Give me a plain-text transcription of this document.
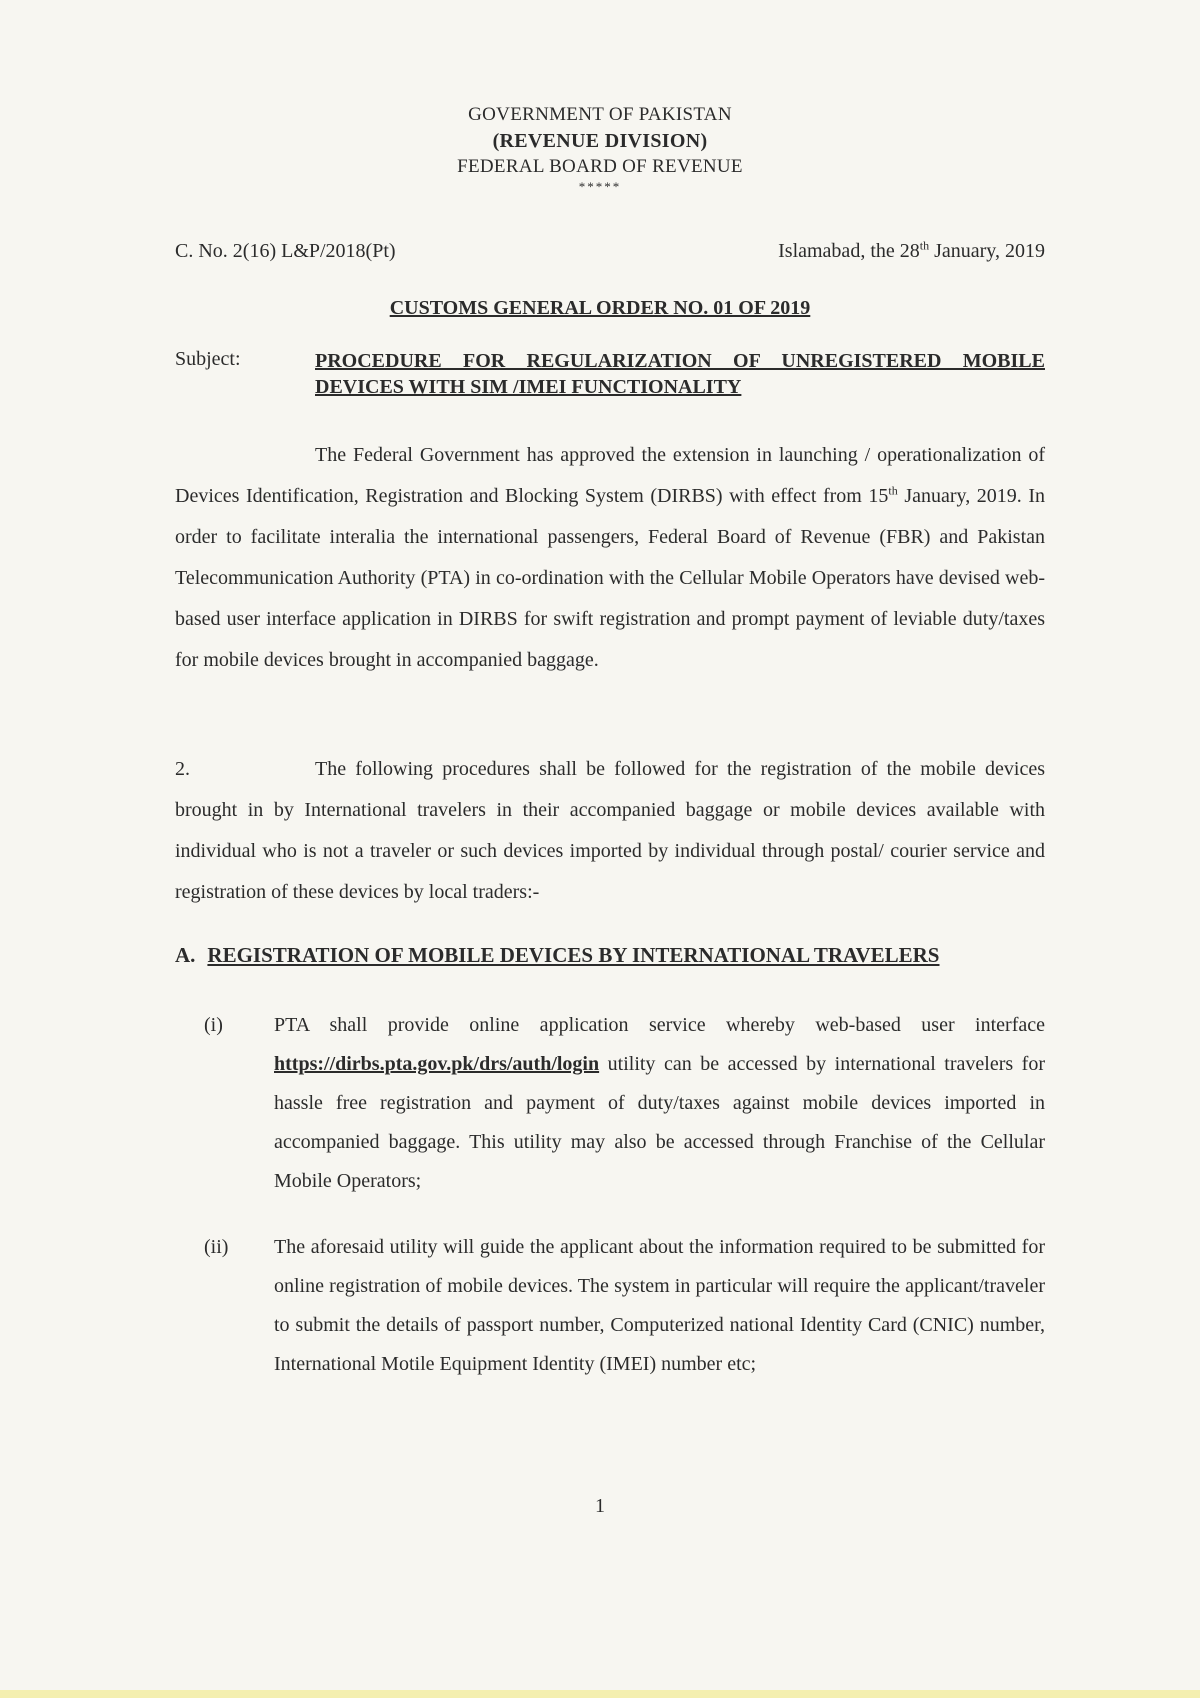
GOVERNMENT OF PAKISTAN
(REVENUE DIVISION)
FEDERAL BOARD OF REVENUE
*****
C. No. 2(16) L&P/2018(Pt)	Islamabad, the 28th January, 2019
CUSTOMS GENERAL ORDER NO. 01 OF 2019
Subject:	PROCEDURE FOR REGULARIZATION OF UNREGISTERED MOBILE DEVICES WITH SIM /IMEI FUNCTIONALITY
The Federal Government has approved the extension in launching / operationalization of Devices Identification, Registration and Blocking System (DIRBS) with effect from 15th January, 2019. In order to facilitate interalia the international passengers, Federal Board of Revenue (FBR) and Pakistan Telecommunication Authority (PTA) in co-ordination with the Cellular Mobile Operators have devised web-based user interface application in DIRBS for swift registration and prompt payment of leviable duty/taxes for mobile devices brought in accompanied baggage.
2.	The following procedures shall be followed for the registration of the mobile devices brought in by International travelers in their accompanied baggage or mobile devices available with individual who is not a traveler or such devices imported by individual through postal/ courier service and registration of these devices by local traders:-
A. REGISTRATION OF MOBILE DEVICES BY INTERNATIONAL TRAVELERS
(i)	PTA shall provide online application service whereby web-based user interface https://dirbs.pta.gov.pk/drs/auth/login utility can be accessed by international travelers for hassle free registration and payment of duty/taxes against mobile devices imported in accompanied baggage. This utility may also be accessed through Franchise of the Cellular Mobile Operators;
(ii) The aforesaid utility will guide the applicant about the information required to be submitted for online registration of mobile devices. The system in particular will require the applicant/traveler to submit the details of passport number, Computerized national Identity Card (CNIC) number, International Motile Equipment Identity (IMEI) number etc;
1
